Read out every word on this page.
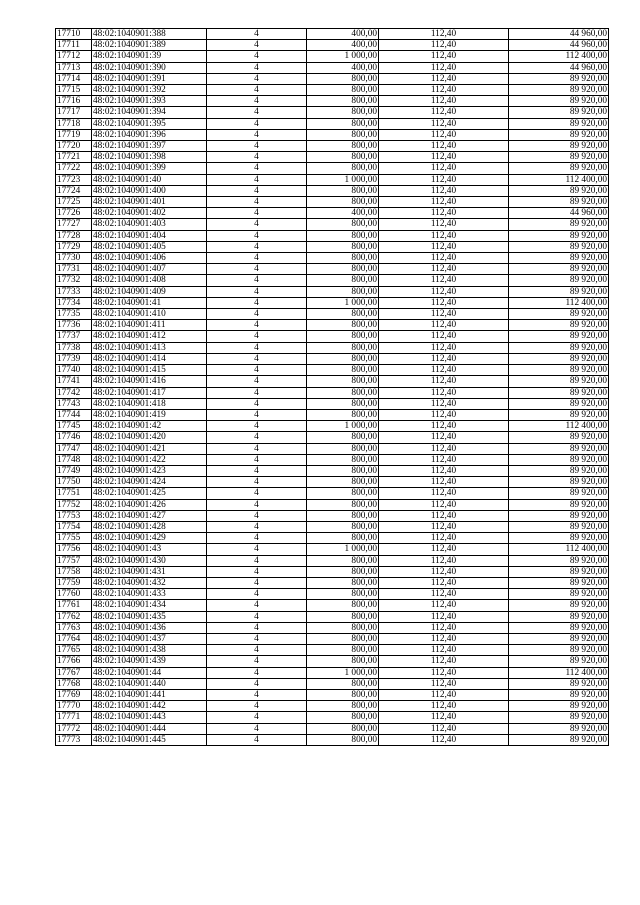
17710	48:02:1040901:388	4	400,00	112,40	44 960,00
17711	48:02:1040901:389	4	400,00	112,40	44 960,00
17712	48:02:1040901:39	4	1 000,00	112,40	112 400,00
17713	48:02:1040901:390	4	400,00	112,40	44 960,00
17714	48:02:1040901:391	4	800,00	112,40	89 920,00
17715	48:02:1040901:392	4	800,00	112,40	89 920,00
17716	48:02:1040901:393	4	800,00	112,40	89 920,00
17717	48:02:1040901:394	4	800,00	112,40	89 920,00
17718	48:02:1040901:395	4	800,00	112,40	89 920,00
17719	48:02:1040901:396	4	800,00	112,40	89 920,00
17720	48:02:1040901:397	4	800,00	112,40	89 920,00
17721	48:02:1040901:398	4	800,00	112,40	89 920,00
17722	48:02:1040901:399	4	800,00	112,40	89 920,00
17723	48:02:1040901:40	4	1 000,00	112,40	112 400,00
17724	48:02:1040901:400	4	800,00	112,40	89 920,00
17725	48:02:1040901:401	4	800,00	112,40	89 920,00
17726	48:02:1040901:402	4	400,00	112,40	44 960,00
17727	48:02:1040901:403	4	800,00	112,40	89 920,00
17728	48:02:1040901:404	4	800,00	112,40	89 920,00
17729	48:02:1040901:405	4	800,00	112,40	89 920,00
17730	48:02:1040901:406	4	800,00	112,40	89 920,00
17731	48:02:1040901:407	4	800,00	112,40	89 920,00
17732	48:02:1040901:408	4	800,00	112,40	89 920,00
17733	48:02:1040901:409	4	800,00	112,40	89 920,00
17734	48:02:1040901:41	4	1 000,00	112,40	112 400,00
17735	48:02:1040901:410	4	800,00	112,40	89 920,00
17736	48:02:1040901:411	4	800,00	112,40	89 920,00
17737	48:02:1040901:412	4	800,00	112,40	89 920,00
17738	48:02:1040901:413	4	800,00	112,40	89 920,00
17739	48:02:1040901:414	4	800,00	112,40	89 920,00
17740	48:02:1040901:415	4	800,00	112,40	89 920,00
17741	48:02:1040901:416	4	800,00	112,40	89 920,00
17742	48:02:1040901:417	4	800,00	112,40	89 920,00
17743	48:02:1040901:418	4	800,00	112,40	89 920,00
17744	48:02:1040901:419	4	800,00	112,40	89 920,00
17745	48:02:1040901:42	4	1 000,00	112,40	112 400,00
17746	48:02:1040901:420	4	800,00	112,40	89 920,00
17747	48:02:1040901:421	4	800,00	112,40	89 920,00
17748	48:02:1040901:422	4	800,00	112,40	89 920,00
17749	48:02:1040901:423	4	800,00	112,40	89 920,00
17750	48:02:1040901:424	4	800,00	112,40	89 920,00
17751	48:02:1040901:425	4	800,00	112,40	89 920,00
17752	48:02:1040901:426	4	800,00	112,40	89 920,00
17753	48:02:1040901:427	4	800,00	112,40	89 920,00
17754	48:02:1040901:428	4	800,00	112,40	89 920,00
17755	48:02:1040901:429	4	800,00	112,40	89 920,00
17756	48:02:1040901:43	4	1 000,00	112,40	112 400,00
17757	48:02:1040901:430	4	800,00	112,40	89 920,00
17758	48:02:1040901:431	4	800,00	112,40	89 920,00
17759	48:02:1040901:432	4	800,00	112,40	89 920,00
17760	48:02:1040901:433	4	800,00	112,40	89 920,00
17761	48:02:1040901:434	4	800,00	112,40	89 920,00
17762	48:02:1040901:435	4	800,00	112,40	89 920,00
17763	48:02:1040901:436	4	800,00	112,40	89 920,00
17764	48:02:1040901:437	4	800,00	112,40	89 920,00
17765	48:02:1040901:438	4	800,00	112,40	89 920,00
17766	48:02:1040901:439	4	800,00	112,40	89 920,00
17767	48:02:1040901:44	4	1 000,00	112,40	112 400,00
17768	48:02:1040901:440	4	800,00	112,40	89 920,00
17769	48:02:1040901:441	4	800,00	112,40	89 920,00
17770	48:02:1040901:442	4	800,00	112,40	89 920,00
17771	48:02:1040901:443	4	800,00	112,40	89 920,00
17772	48:02:1040901:444	4	800,00	112,40	89 920,00
17773	48:02:1040901:445	4	800,00	112,40	89 920,00
